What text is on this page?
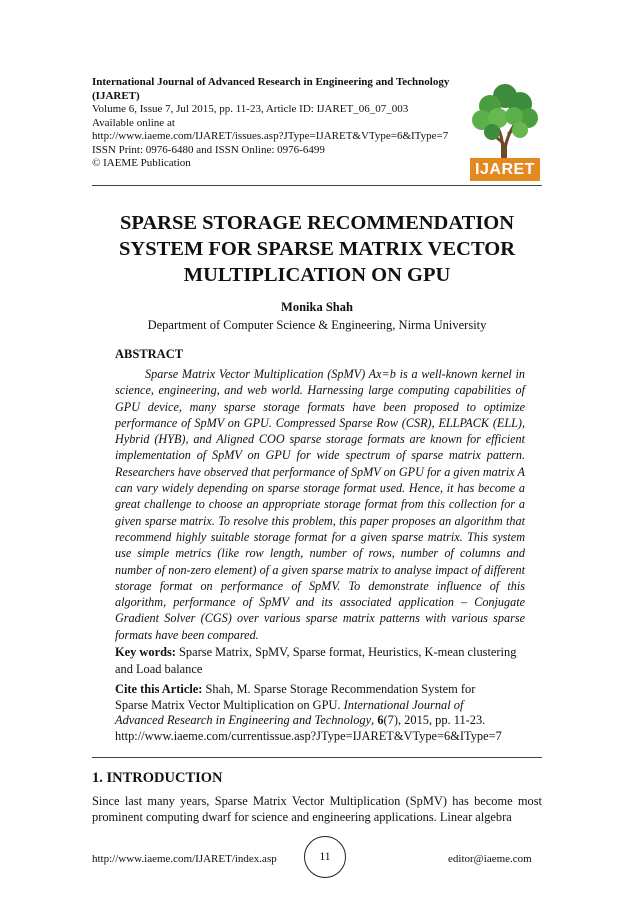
International Journal of Advanced Research in Engineering and Technology
(IJARET)
Volume 6, Issue 7, Jul 2015, pp. 11-23, Article ID: IJARET_06_07_003
Available online at
http://www.iaeme.com/IJARET/issues.asp?JType=IJARET&VType=6&IType=7
ISSN Print: 0976-6480 and ISSN Online: 0976-6499
© IAEME Publication	IJARET
SPARSE STORAGE RECOMMENDATION
SYSTEM FOR SPARSE MATRIX VECTOR
MULTIPLICATION ON GPU
Monika Shah
Department of Computer Science & Engineering, Nirma University
ABSTRACT
Sparse Matrix Vector Multiplication (SpMV) Ax=b is a well-known kernel in science, engineering, and web world. Harnessing large computing capabilities of GPU device, many sparse storage formats have been proposed to optimize performance of SpMV on GPU. Compressed Sparse Row (CSR), ELLPACK (ELL), Hybrid (HYB), and Aligned COO sparse storage formats are known for efficient implementation of SpMV on GPU for wide spectrum of sparse matrix pattern. Researchers have observed that performance of SpMV on GPU for a given matrix A can vary widely depending on sparse storage format used. Hence, it has become a great challenge to choose an appropriate storage format from this collection for a given sparse matrix. To resolve this problem, this paper proposes an algorithm that recommend highly suitable storage format for a given sparse matrix. This system use simple metrics (like row length, number of rows, number of columns and number of non-zero element) of a given sparse matrix to analyse impact of different storage format on performance of SpMV. To demonstrate influence of this algorithm, performance of SpMV and its associated application – Conjugate Gradient Solver (CGS) over various sparse matrix patterns with various sparse formats have been compared.
Key words: Sparse Matrix, SpMV, Sparse format, Heuristics, K-mean clustering and Load balance
Cite this Article: Shah, M. Sparse Storage Recommendation System for
Sparse Matrix Vector Multiplication on GPU. International Journal of
Advanced Research in Engineering and Technology, 6(7), 2015, pp. 11-23.
http://www.iaeme.com/currentissue.asp?JType=IJARET&VType=6&IType=7
1. INTRODUCTION
Since last many years, Sparse Matrix Vector Multiplication (SpMV) has become most prominent computing dwarf for science and engineering applications. Linear algebra
http://www.iaeme.com/IJARET/index.asp	11	editor@iaeme.com
